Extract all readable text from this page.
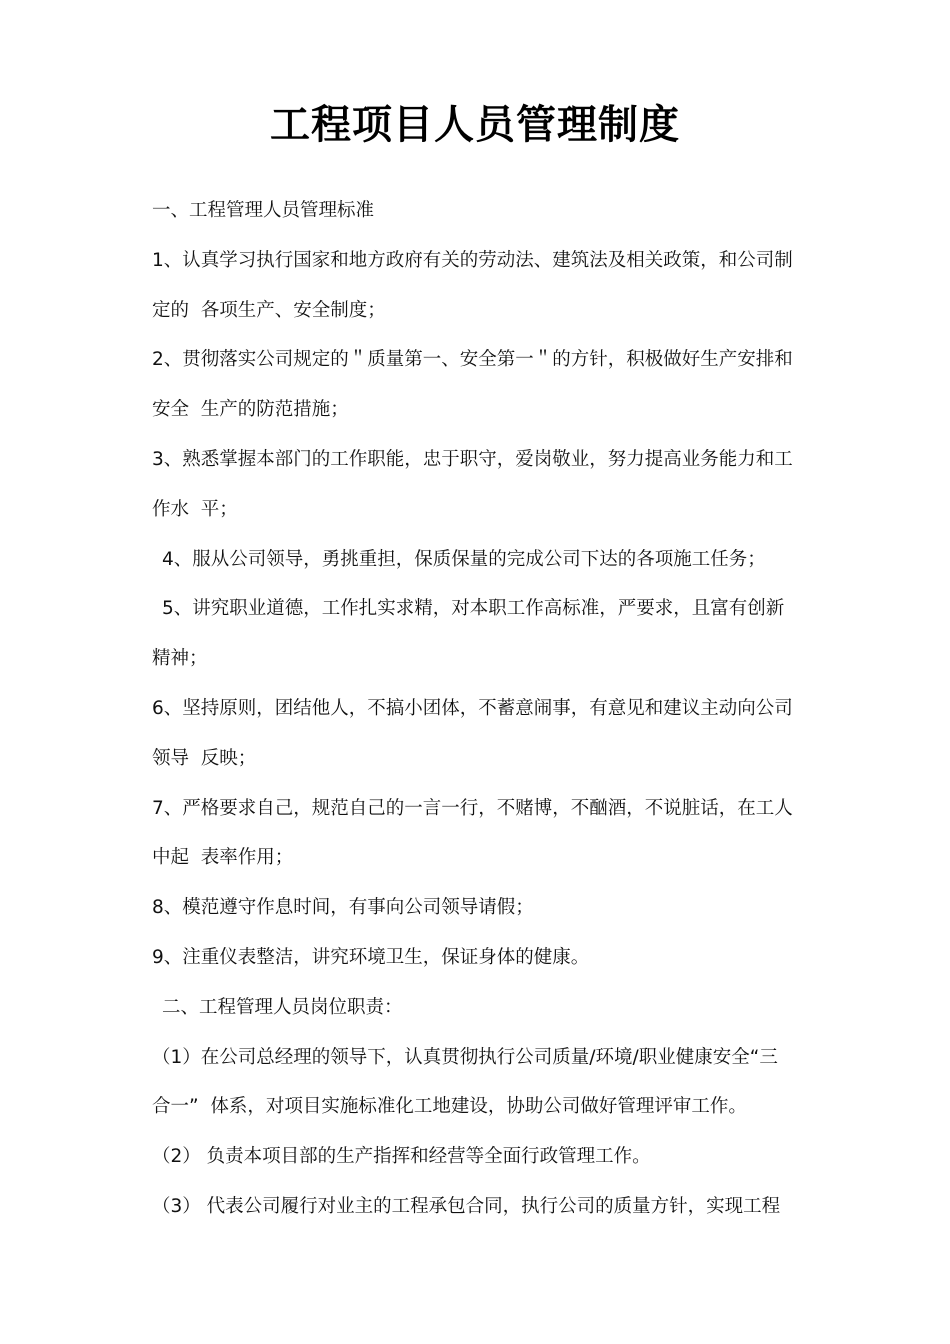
工程项目人员管理制度
一、工程管理人员管理标准
1、认真学习执行国家和地方政府有关的劳动法、建筑法及相关政策，和公司制
定的  各项生产、安全制度；
2、贯彻落实公司规定的＂质量第一、安全第一＂的方针，积极做好生产安排和
安全  生产的防范措施；
3、熟悉掌握本部门的工作职能，忠于职守，爱岗敬业，努力提高业务能力和工
作水  平；
4、服从公司领导，勇挑重担，保质保量的完成公司下达的各项施工任务；
5、讲究职业道德，工作扎实求精，对本职工作高标准，严要求，且富有创新
精神；
6、坚持原则，团结他人，不搞小团体，不蓄意闹事，有意见和建议主动向公司
领导  反映；
7、严格要求自己，规范自己的一言一行，不赌博，不酗酒，不说脏话，在工人
中起  表率作用；
8、模范遵守作息时间，有事向公司领导请假；
9、注重仪表整洁，讲究环境卫生，保证身体的健康。
二、工程管理人员岗位职责：
（1）在公司总经理的领导下，认真贯彻执行公司质量/环境/职业健康安全“三
合一”  体系，对项目实施标准化工地建设，协助公司做好管理评审工作。
（2） 负责本项目部的生产指挥和经营等全面行政管理工作。
（3） 代表公司履行对业主的工程承包合同，执行公司的质量方针，实现工程
